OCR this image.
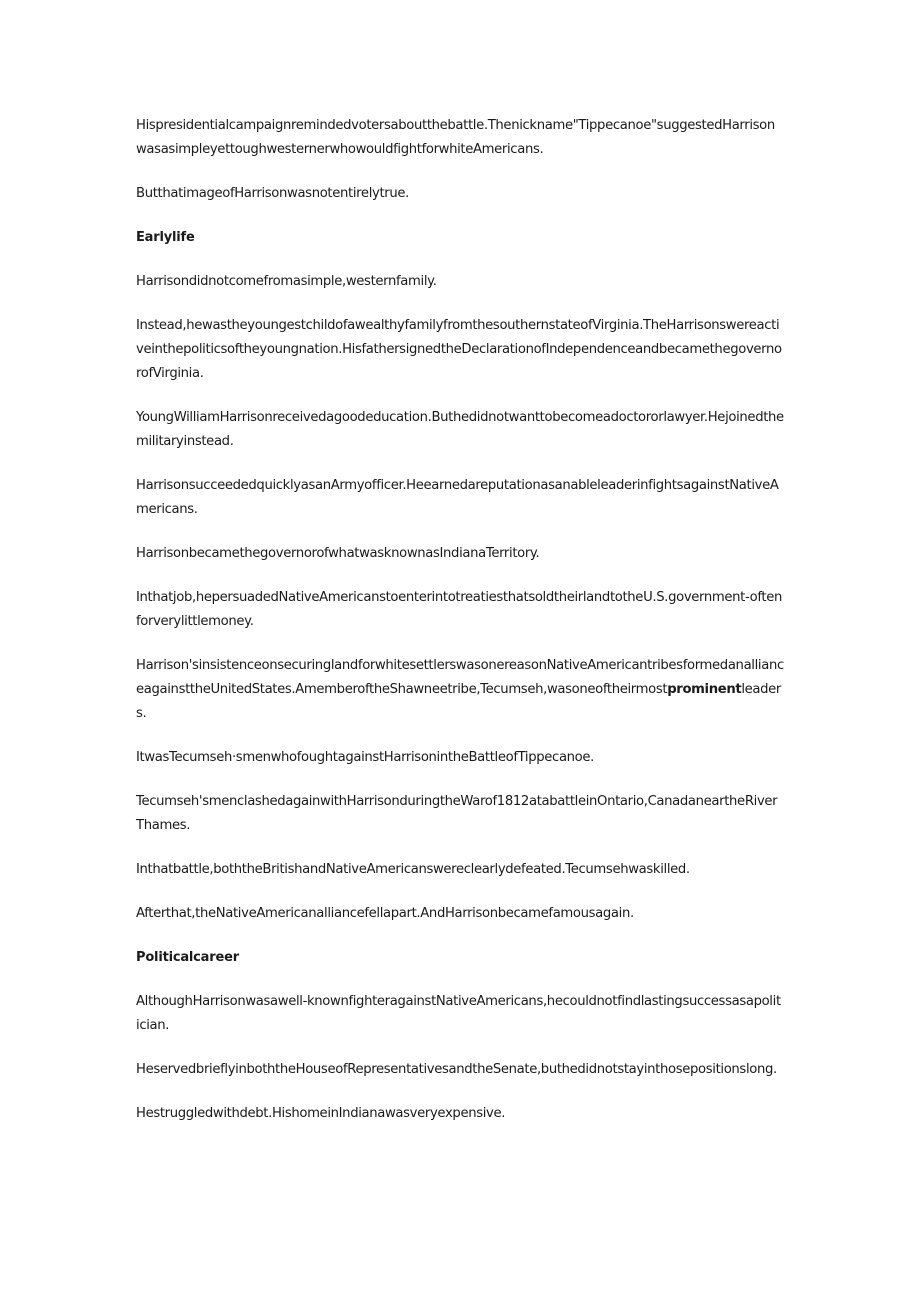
Hispresidentialcampaignremindedvotersaboutthebattle.Thenickname"Tippecanoe"suggestedHarrisonwasasimpleyettoughwesternerwhowouldfightforwhiteAmericans.

ButthatimageofHarrisonwasnotentirelytrue.

Earlylife

Harrisondidnotcomefromasimple,westernfamily.

Instead,hewastheyoungestchildofawealthyfamilyfromthesouthernstateofVirginia.TheHarrisonswereactiveinthepoliticsoftheyoungnation.HisfathersignedtheDeclarationofIndependenceandbecamethegovernorofVirginia.

YoungWilliamHarrisonreceivedagoodeducation.Buthedidnotwanttobecomeadoctororlawyer.Hejoinedthemilitaryinstead.

HarrisonsucceededquicklyasanArmyofficer.HeearnedareputationasanableleaderinfightsagainstNativeAmericans.

HarrisonbecamethegovernorofwhatwasknownasIndianaTerritory.

Inthatjob,hepersuadedNativeAmericanstoenterintotreatiesthatsoldtheirlandtotheU.S.government-oftenforverylittlemoney.

Harrison'sinsistenceonsecuringlandforwhitesettlerswasonereasonNativeAmericantribesformedanallianceagainsttheUnitedStates.AmemberoftheShawneetribe,Tecumseh,wasoneoftheirmostprominentleaders.

ItwasTecumseh·smenwhofoughtagainstHarrisonintheBattleofTippecanoe.

Tecumseh'smenclashedagainwithHarrisonduringtheWarof1812atabattleinOntario,CanadaneartheRiverThames.

Inthatbattle,boththeBritishandNativeAmericanswereclearlydefeated.Tecumsehwaskilled.

Afterthat,theNativeAmericanalliancefellapart.AndHarrisonbecamefamousagain.

Politicalcareer

AlthoughHarrisonwasawell-knownfighteragainstNativeAmericans,hecouldnotfindlastingsuccessasapolitician.

HeservedbrieflyinboththeHouseofRepresentativesandtheSenate,buthedidnotstayinthosepositionslong.

Hestruggledwithdebt.HishomeinIndianawasveryexpensive.
